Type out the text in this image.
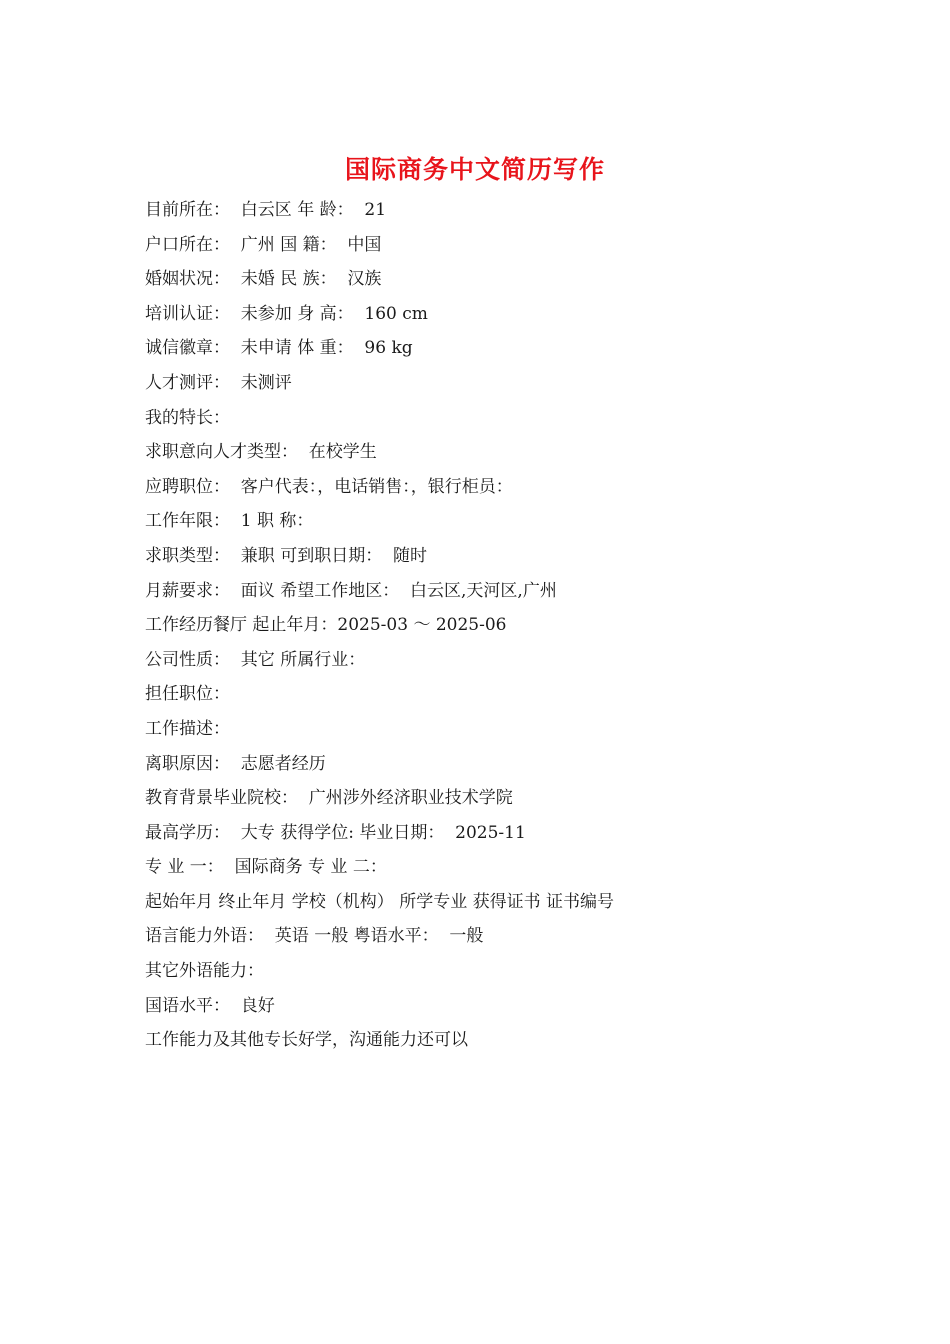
国际商务中文简历写作
目前所在：  白云区 年 龄：  21
户口所在：  广州 国 籍：  中国
婚姻状况：  未婚 民 族：  汉族
培训认证：  未参加 身 高：  160 cm
诚信徽章：  未申请 体 重：  96 kg
人才测评：  未测评
我的特长：
求职意向人才类型：  在校学生
应聘职位：  客户代表：，电话销售：，银行柜员：
工作年限：  1 职 称：
求职类型：  兼职 可到职日期：  随时
月薪要求：  面议 希望工作地区：  白云区,天河区,广州
工作经历餐厅 起止年月：2025-03 ～ 2025-06
公司性质：  其它 所属行业：
担任职位：
工作描述：
离职原因：  志愿者经历
教育背景毕业院校：  广州涉外经济职业技术学院
最高学历：  大专 获得学位: 毕业日期：  2025-11
专 业 一：  国际商务 专 业 二：
起始年月 终止年月 学校（机构） 所学专业 获得证书 证书编号
语言能力外语：  英语 一般 粤语水平：  一般
其它外语能力：
国语水平：  良好
工作能力及其他专长好学，沟通能力还可以
